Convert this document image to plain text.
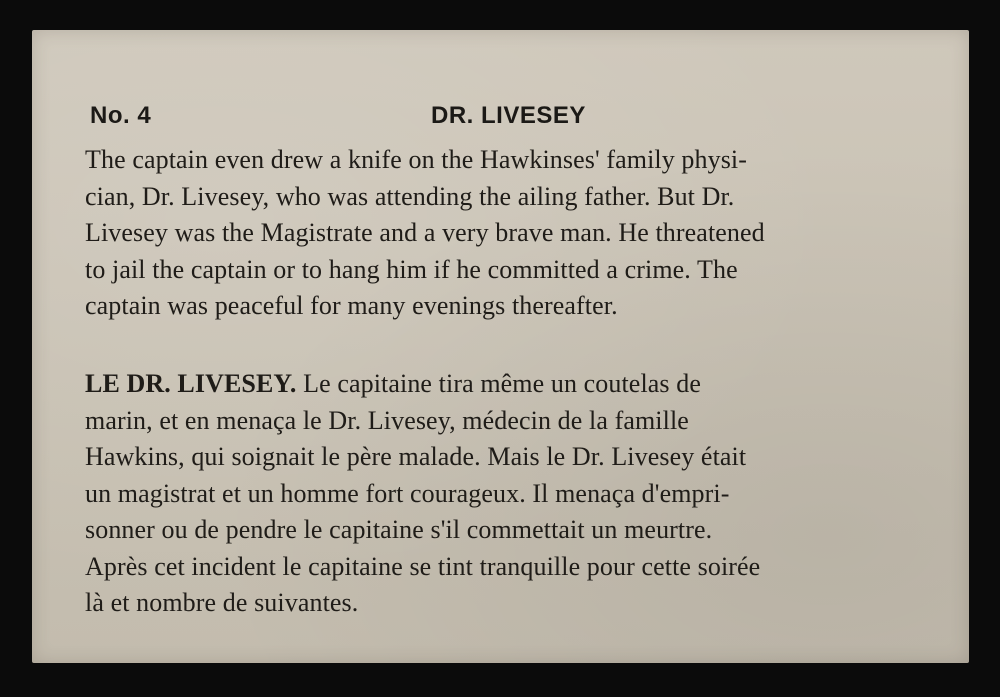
No. 4	DR. LIVESEY
The captain even drew a knife on the Hawkinses' family physi-
cian, Dr. Livesey, who was attending the ailing father. But Dr.
Livesey was the Magistrate and a very brave man. He threatened
to jail the captain or to hang him if he committed a crime. The
captain was peaceful for many evenings thereafter.
LE DR. LIVESEY. Le capitaine tira même un coutelas de
marin, et en menaça le Dr. Livesey, médecin de la famille
Hawkins, qui soignait le père malade. Mais le Dr. Livesey était
un magistrat et un homme fort courageux. Il menaça d'empri-
sonner ou de pendre le capitaine s'il commettait un meurtre.
Après cet incident le capitaine se tint tranquille pour cette soirée
là et nombre de suivantes.
